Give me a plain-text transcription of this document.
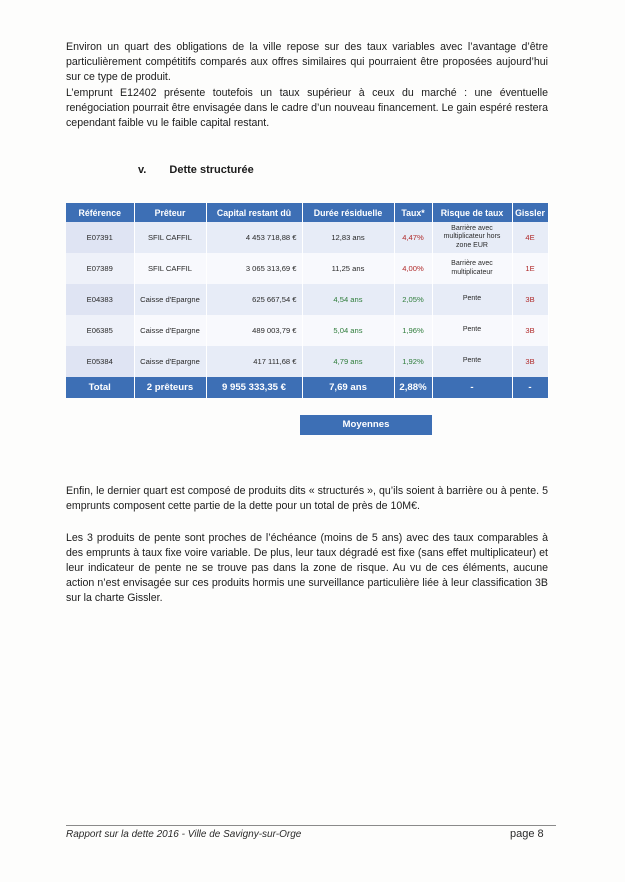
Environ un quart des obligations de la ville repose sur des taux variables avec l’avantage d’être particulièrement compétitifs comparés aux offres similaires qui pourraient être proposées aujourd’hui sur ce type de produit.

L’emprunt E12402 présente toutefois un taux supérieur à ceux du marché : une éventuelle renégociation pourrait être envisagée dans le cadre d’un nouveau financement. Le gain espéré restera cependant faible vu le faible capital restant.

v. Dette structurée
Référence	Prêteur	Capital restant dû	Durée résiduelle	Taux*	Risque de taux	Gissler
E07391	SFIL CAFFIL	4 453 718,88 €	12,83 ans	4,47%	Barrière avec multiplicateur hors zone EUR	4E
E07389	SFIL CAFFIL	3 065 313,69 €	11,25 ans	4,00%	Barrière avec multiplicateur	1E
E04383	Caisse d'Epargne	625 667,54 €	4,54 ans	2,05%	Pente	3B
E06385	Caisse d'Epargne	489 003,79 €	5,04 ans	1,96%	Pente	3B
E05384	Caisse d'Epargne	417 111,68 €	4,79 ans	1,92%	Pente	3B
Total	2 prêteurs	9 955 333,35 €	7,69 ans	2,88%	-	-
Moyennes

Enfin, le dernier quart est composé de produits dits « structurés », qu’ils soient à barrière ou à pente. 5 emprunts composent cette partie de la dette pour un total de près de 10M€.

Les 3 produits de pente sont proches de l’échéance (moins de 5 ans) avec des taux comparables à des emprunts à taux fixe voire variable. De plus, leur taux dégradé est fixe (sans effet multiplicateur) et leur indicateur de pente ne se trouve pas dans la zone de risque. Au vu de ces éléments, aucune action n’est envisagée sur ces produits hormis une surveillance particulière liée à leur classification 3B sur la charte Gissler.

Rapport sur la dette 2016 - Ville de Savigny-sur-Orge	page 8
